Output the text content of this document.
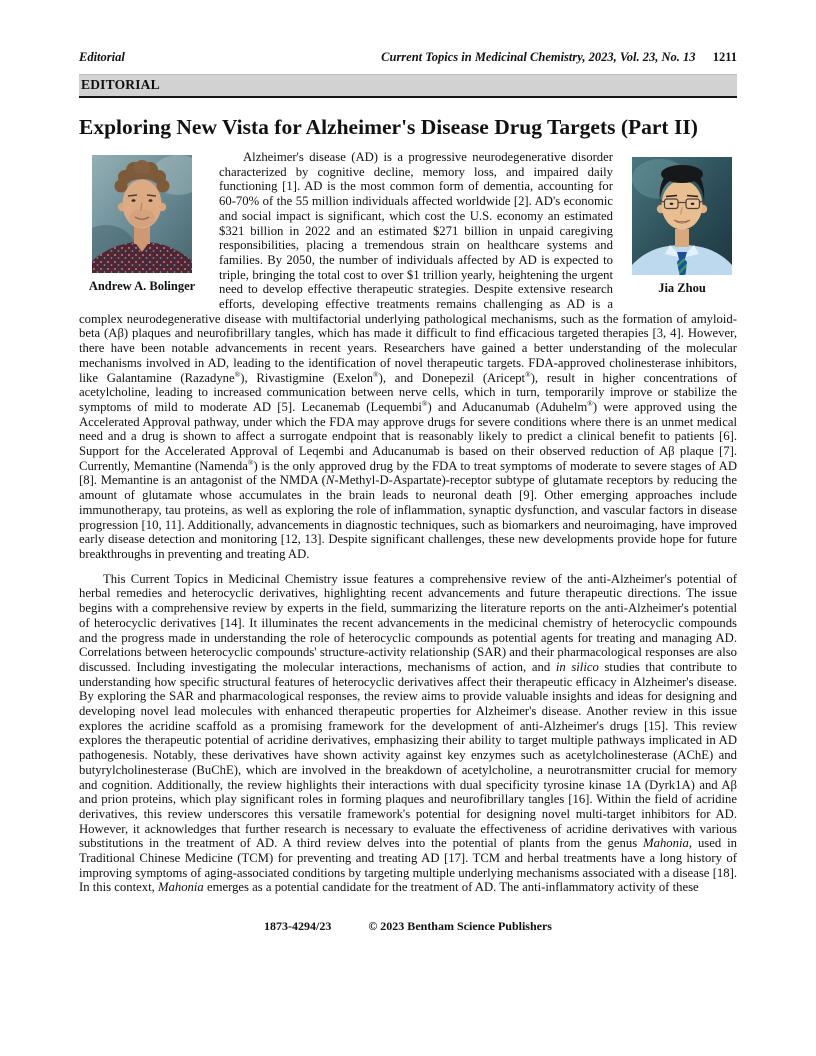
Editorial	Current Topics in Medicinal Chemistry, 2023, Vol. 23, No. 13 1211
EDITORIAL
Exploring New Vista for Alzheimer's Disease Drug Targets (Part II)
Andrew A. Bolinger	Jia Zhou

Alzheimer's disease (AD) is a progressive neurodegenerative disorder characterized by cognitive decline, memory loss, and impaired daily functioning [1]. AD is the most common form of dementia, accounting for 60-70% of the 55 million individuals affected worldwide [2]. AD's economic and social impact is significant, which cost the U.S. economy an estimated $321 billion in 2022 and an estimated $271 billion in unpaid caregiving responsibilities, placing a tremendous strain on healthcare systems and families. By 2050, the number of individuals affected by AD is expected to triple, bringing the total cost to over $1 trillion yearly, heightening the urgent need to develop effective therapeutic strategies. Despite extensive research efforts, developing effective treatments remains challenging as AD is a complex neurodegenerative disease with multifactorial underlying pathological mechanisms, such as the formation of amyloid-beta (Aβ) plaques and neurofibrillary tangles, which has made it difficult to find efficacious targeted therapies [3, 4]. However, there have been notable advancements in recent years. Researchers have gained a better understanding of the molecular mechanisms involved in AD, leading to the identification of novel therapeutic targets. FDA-approved cholinesterase inhibitors, like Galantamine (Razadyne®), Rivastigmine (Exelon®), and Donepezil (Aricept®), result in higher concentrations of acetylcholine, leading to increased communication between nerve cells, which in turn, temporarily improve or stabilize the symptoms of mild to moderate AD [5]. Lecanemab (Lequembi®) and Aducanumab (Aduhelm®) were approved using the Accelerated Approval pathway, under which the FDA may approve drugs for severe conditions where there is an unmet medical need and a drug is shown to affect a surrogate endpoint that is reasonably likely to predict a clinical benefit to patients [6]. Support for the Accelerated Approval of Leqembi and Aducanumab is based on their observed reduction of Aβ plaque [7]. Currently, Memantine (Namenda®) is the only approved drug by the FDA to treat symptoms of moderate to severe stages of AD [8]. Memantine is an antagonist of the NMDA (N-Methyl-D-Aspartate)-receptor subtype of glutamate receptors by reducing the amount of glutamate whose accumulates in the brain leads to neuronal death [9]. Other emerging approaches include immunotherapy, tau proteins, as well as exploring the role of inflammation, synaptic dysfunction, and vascular factors in disease progression [10, 11]. Additionally, advancements in diagnostic techniques, such as biomarkers and neuroimaging, have improved early disease detection and monitoring [12, 13]. Despite significant challenges, these new developments provide hope for future breakthroughs in preventing and treating AD.

This Current Topics in Medicinal Chemistry issue features a comprehensive review of the anti-Alzheimer's potential of herbal remedies and heterocyclic derivatives, highlighting recent advancements and future therapeutic directions. The issue begins with a comprehensive review by experts in the field, summarizing the literature reports on the anti-Alzheimer's potential of heterocyclic derivatives [14]. It illuminates the recent advancements in the medicinal chemistry of heterocyclic compounds and the progress made in understanding the role of heterocyclic compounds as potential agents for treating and managing AD. Correlations between heterocyclic compounds' structure-activity relationship (SAR) and their pharmacological responses are also discussed. Including investigating the molecular interactions, mechanisms of action, and in silico studies that contribute to understanding how specific structural features of heterocyclic derivatives affect their therapeutic efficacy in Alzheimer's disease. By exploring the SAR and pharmacological responses, the review aims to provide valuable insights and ideas for designing and developing novel lead molecules with enhanced therapeutic properties for Alzheimer's disease. Another review in this issue explores the acridine scaffold as a promising framework for the development of anti-Alzheimer's drugs [15]. This review explores the therapeutic potential of acridine derivatives, emphasizing their ability to target multiple pathways implicated in AD pathogenesis. Notably, these derivatives have shown activity against key enzymes such as acetylcholinesterase (AChE) and butyrylcholinesterase (BuChE), which are involved in the breakdown of acetylcholine, a neurotransmitter crucial for memory and cognition. Additionally, the review highlights their interactions with dual specificity tyrosine kinase 1A (Dyrk1A) and Aβ and prion proteins, which play significant roles in forming plaques and neurofibrillary tangles [16]. Within the field of acridine derivatives, this review underscores this versatile framework's potential for designing novel multi-target inhibitors for AD. However, it acknowledges that further research is necessary to evaluate the effectiveness of acridine derivatives with various substitutions in the treatment of AD. A third review delves into the potential of plants from the genus Mahonia, used in Traditional Chinese Medicine (TCM) for preventing and treating AD [17]. TCM and herbal treatments have a long history of improving symptoms of aging-associated conditions by targeting multiple underlying mechanisms associated with a disease [18]. In this context, Mahonia emerges as a potential candidate for the treatment of AD. The anti-inflammatory activity of these

1873-4294/23	© 2023 Bentham Science Publishers
